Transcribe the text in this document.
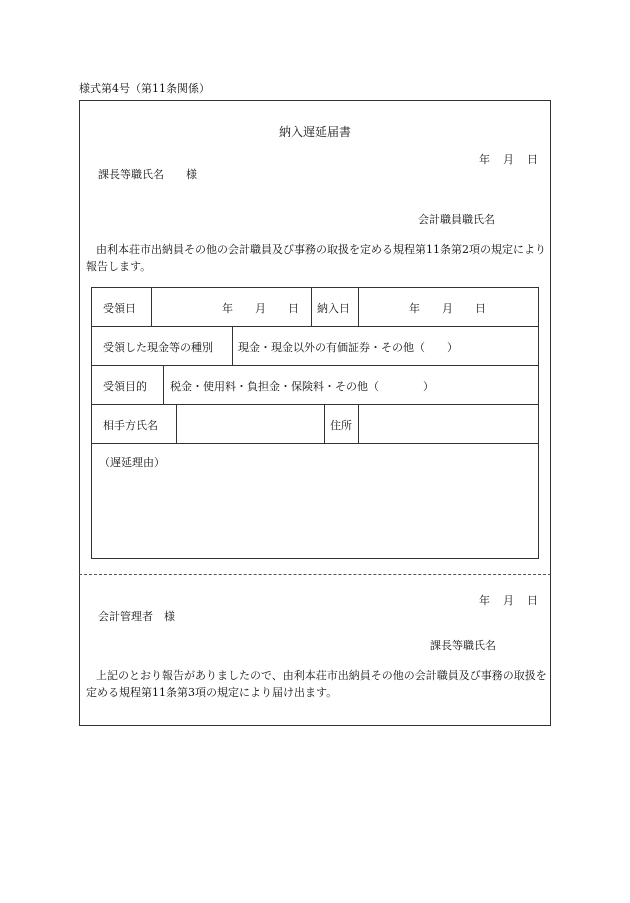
様式第4号（第11条関係）
納入遅延届書
年　月　日
課長等職氏名　　様
会計職員職氏名
由利本荘市出納員その他の会計職員及び事務の取扱を定める規程第11条第2項の規定により報告します。
受領日	年　　月　　日 納入日	年　　月　　日
受領した現金等の種別 現金・現金以外の有価証券・その他（　　）
受領目的 税金・使用料・負担金・保険料・その他（　　　　）
相手方氏名	住所
（遅延理由）
年　月　日
会計管理者　様
課長等職氏名
上記のとおり報告がありましたので、由利本荘市出納員その他の会計職員及び事務の取扱を定める規程第11条第3項の規定により届け出ます。
